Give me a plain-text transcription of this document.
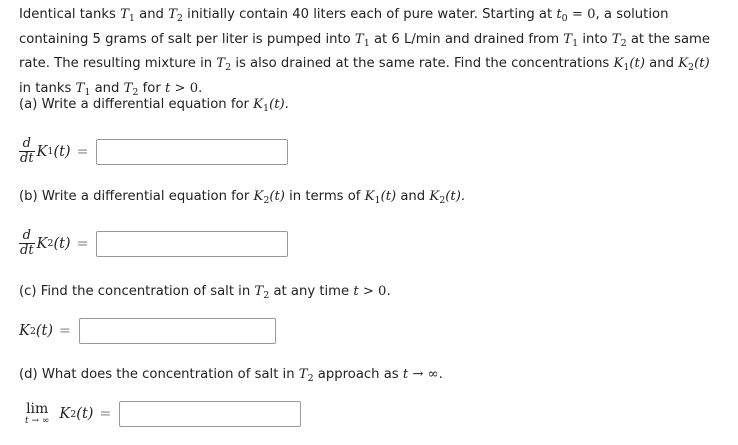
Identical tanks $T_1$ and $T_2$ initially contain 40 liters each of pure water. Starting at $t_0 = 0$, a solution containing 5 grams of salt per liter is pumped into $T_1$ at 6 L/min and drained from $T_1$ into $T_2$ at the same rate. The resulting mixture in $T_2$ is also drained at the same rate. Find the concentrations $K_1(t)$ and $K_2(t)$ in tanks $T_1$ and $T_2$ for t > 0.
(a) Write a differential equation for $K_1(t)$.
$\frac{d}{dt}$ K 1 (t) =
(b) Write a differential equation for $K_2(t)$ in terms of $K_1(t)$ and $K_2(t)$.
$\frac{d}{dt}$ K 2 (t) =
(c) Find the concentration of salt in $T_2$ at any time t > 0.
K 2 (t) =
(d) What does the concentration of salt in $T_2$ approach as t → ∞.
lim
t → ∞ K 2 (t) =
